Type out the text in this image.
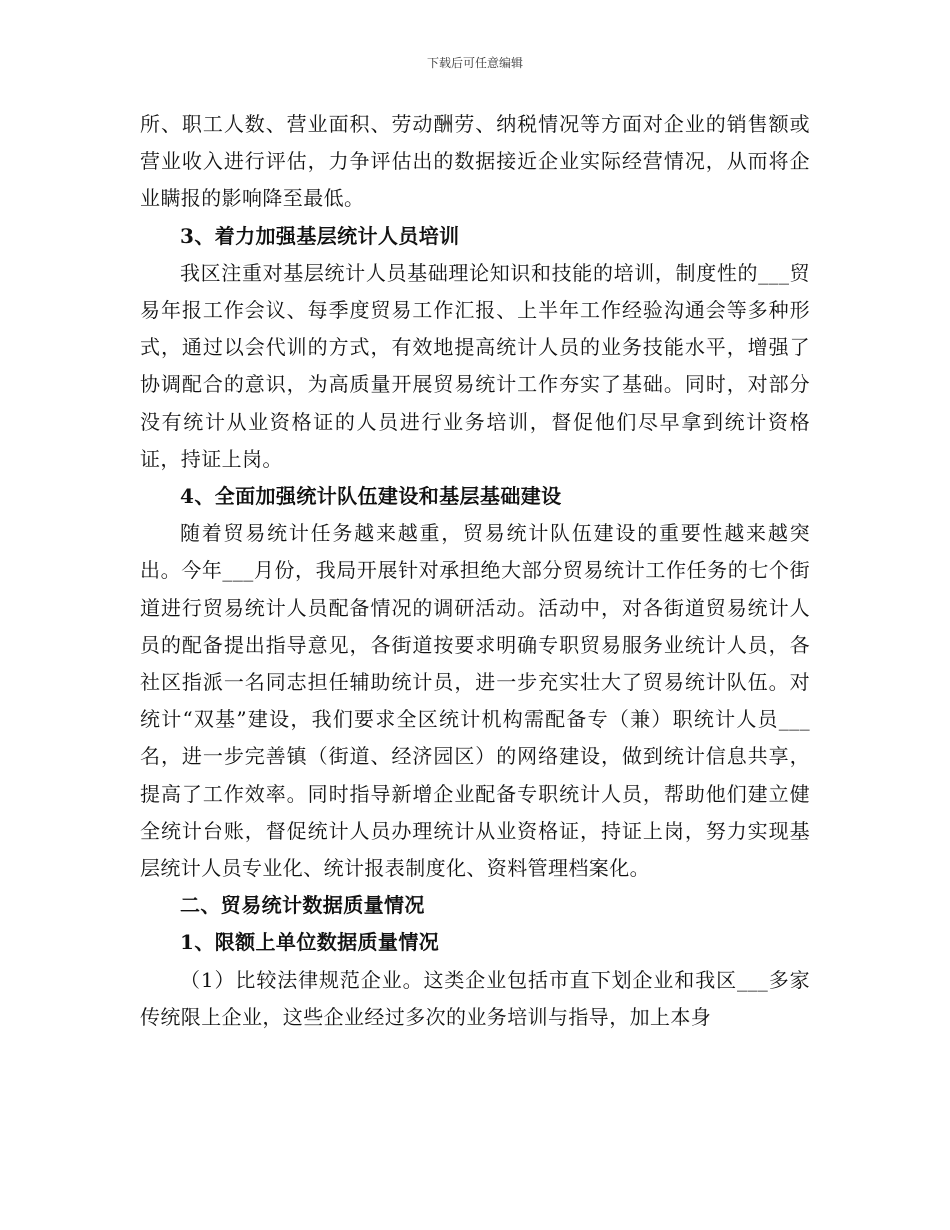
下载后可任意编辑

所、职工人数、营业面积、劳动酬劳、纳税情况等方面对企业的销售额或营业收入进行评估，力争评估出的数据接近企业实际经营情况，从而将企业瞒报的影响降至最低。

3、着力加强基层统计人员培训

我区注重对基层统计人员基础理论知识和技能的培训，制度性的___贸易年报工作会议、每季度贸易工作汇报、上半年工作经验沟通会等多种形式，通过以会代训的方式，有效地提高统计人员的业务技能水平，增强了协调配合的意识，为高质量开展贸易统计工作夯实了基础。同时，对部分没有统计从业资格证的人员进行业务培训，督促他们尽早拿到统计资格证，持证上岗。

4、全面加强统计队伍建设和基层基础建设

随着贸易统计任务越来越重，贸易统计队伍建设的重要性越来越突出。今年___月份，我局开展针对承担绝大部分贸易统计工作任务的七个街道进行贸易统计人员配备情况的调研活动。活动中，对各街道贸易统计人员的配备提出指导意见，各街道按要求明确专职贸易服务业统计人员，各社区指派一名同志担任辅助统计员，进一步充实壮大了贸易统计队伍。对统计“双基”建设，我们要求全区统计机构需配备专（兼）职统计人员___名，进一步完善镇（街道、经济园区）的网络建设，做到统计信息共享，提高了工作效率。同时指导新增企业配备专职统计人员，帮助他们建立健全统计台账，督促统计人员办理统计从业资格证，持证上岗，努力实现基层统计人员专业化、统计报表制度化、资料管理档案化。

二、贸易统计数据质量情况

1、限额上单位数据质量情况

（1）比较法律规范企业。这类企业包括市直下划企业和我区___多家传统限上企业，这些企业经过多次的业务培训与指导，加上本身
